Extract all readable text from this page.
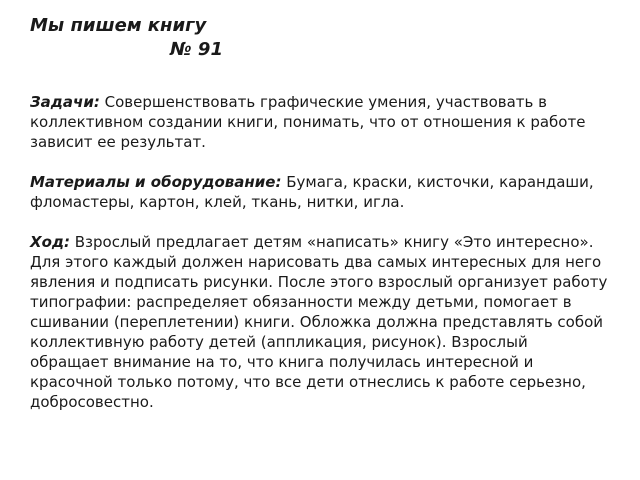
Мы пишем книгу
№ 91

Задачи: Совершенствовать графические умения, участвовать в коллективном создании книги, понимать, что от отношения к работе зависит ее результат.

Материалы и оборудование: Бумага, краски, кисточки, карандаши, фломастеры, картон, клей, ткань, нитки, игла.

Ход: Взрослый предлагает детям «написать» книгу «Это интересно». Для этого каждый должен нарисовать два самых интересных для него явления и подписать рисунки. После этого взрослый организует работу типографии: распределяет обязанности между детьми, помогает в сшивании (переплетении) книги. Обложка должна представлять собой коллективную работу детей (аппликация, рисунок). Взрослый обращает внимание на то, что книга получилась интересной и красочной только потому, что все дети отнеслись к работе серьезно, добросовестно.
